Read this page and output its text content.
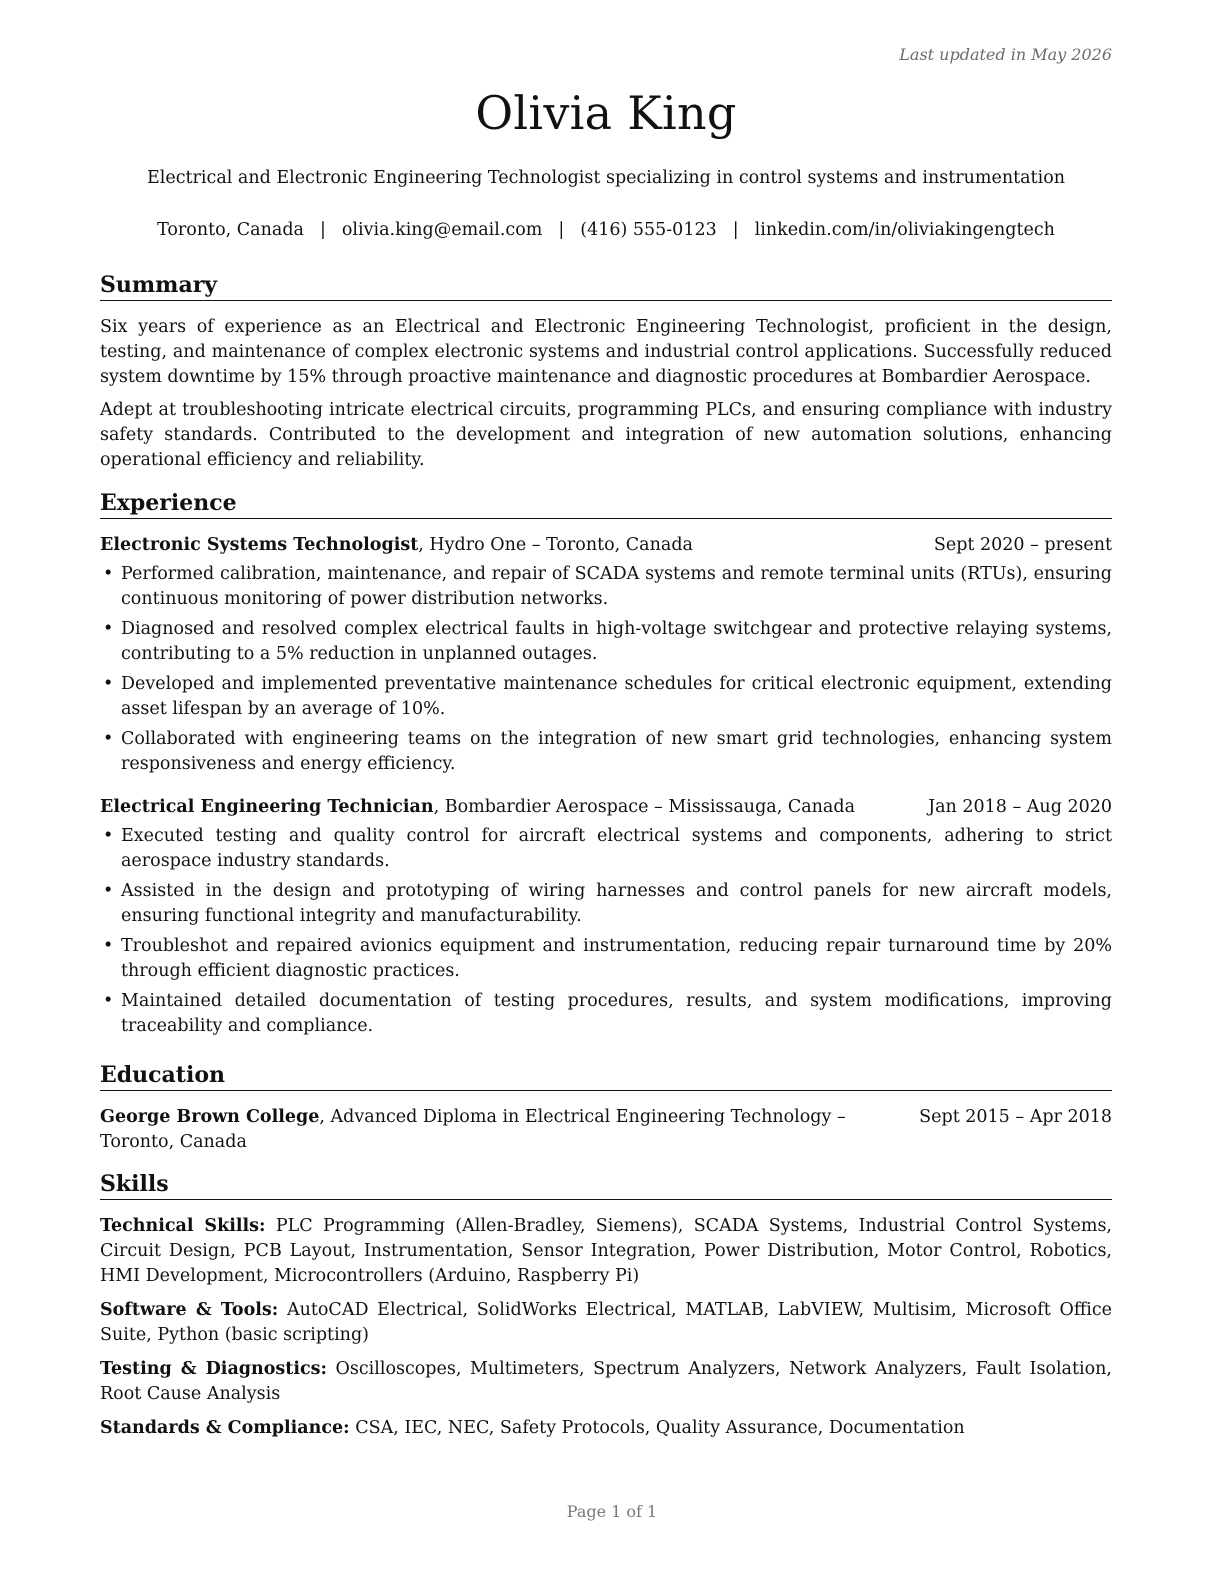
Last updated in May 2026
Olivia King
Electrical and Electronic Engineering Technologist specializing in control systems and instrumentation
Toronto, Canada | olivia.king@email.com | (416) 555-0123 | linkedin.com/in/oliviakingengtech
Summary

Six years of experience as an Electrical and Electronic Engineering Technologist, proficient in the design, testing, and maintenance of complex electronic systems and industrial control applications. Successfully reduced system downtime by 15% through proactive maintenance and diagnostic procedures at Bombardier Aerospace.

Adept at troubleshooting intricate electrical circuits, programming PLCs, and ensuring compliance with industry safety standards. Contributed to the development and integration of new automation solutions, enhancing operational efficiency and reliability.

Experience
Electronic Systems Technologist, Hydro One – Toronto, Canada	Sept 2020 – present
• Performed calibration, maintenance, and repair of SCADA systems and remote terminal units (RTUs), ensuring continuous monitoring of power distribution networks.
• Diagnosed and resolved complex electrical faults in high-voltage switchgear and protective relaying systems, contributing to a 5% reduction in unplanned outages.
• Developed and implemented preventative maintenance schedules for critical electronic equipment, extending asset lifespan by an average of 10%.
• Collaborated with engineering teams on the integration of new smart grid technologies, enhancing system responsiveness and energy efficiency.
Electrical Engineering Technician, Bombardier Aerospace – Mississauga, Canada	Jan 2018 – Aug 2020
• Executed testing and quality control for aircraft electrical systems and components, adhering to strict aerospace industry standards.
• Assisted in the design and prototyping of wiring harnesses and control panels for new aircraft models, ensuring functional integrity and manufacturability.
• Troubleshot and repaired avionics equipment and instrumentation, reducing repair turnaround time by 20% through efficient diagnostic practices.
• Maintained detailed documentation of testing procedures, results, and system modifications, improving traceability and compliance.
Education
George Brown College, Advanced Diploma in Electrical Engineering Technology – Toronto, Canada
Sept 2015 – Apr 2018
Skills

Technical Skills: PLC Programming (Allen-Bradley, Siemens), SCADA Systems, Industrial Control Systems, Circuit Design, PCB Layout, Instrumentation, Sensor Integration, Power Distribution, Motor Control, Robotics, HMI Development, Microcontrollers (Arduino, Raspberry Pi)

Software & Tools: AutoCAD Electrical, SolidWorks Electrical, MATLAB, LabVIEW, Multisim, Microsoft Office Suite, Python (basic scripting)

Testing & Diagnostics: Oscilloscopes, Multimeters, Spectrum Analyzers, Network Analyzers, Fault Isolation, Root Cause Analysis

Standards & Compliance: CSA, IEC, NEC, Safety Protocols, Quality Assurance, Documentation

Page 1 of 1
